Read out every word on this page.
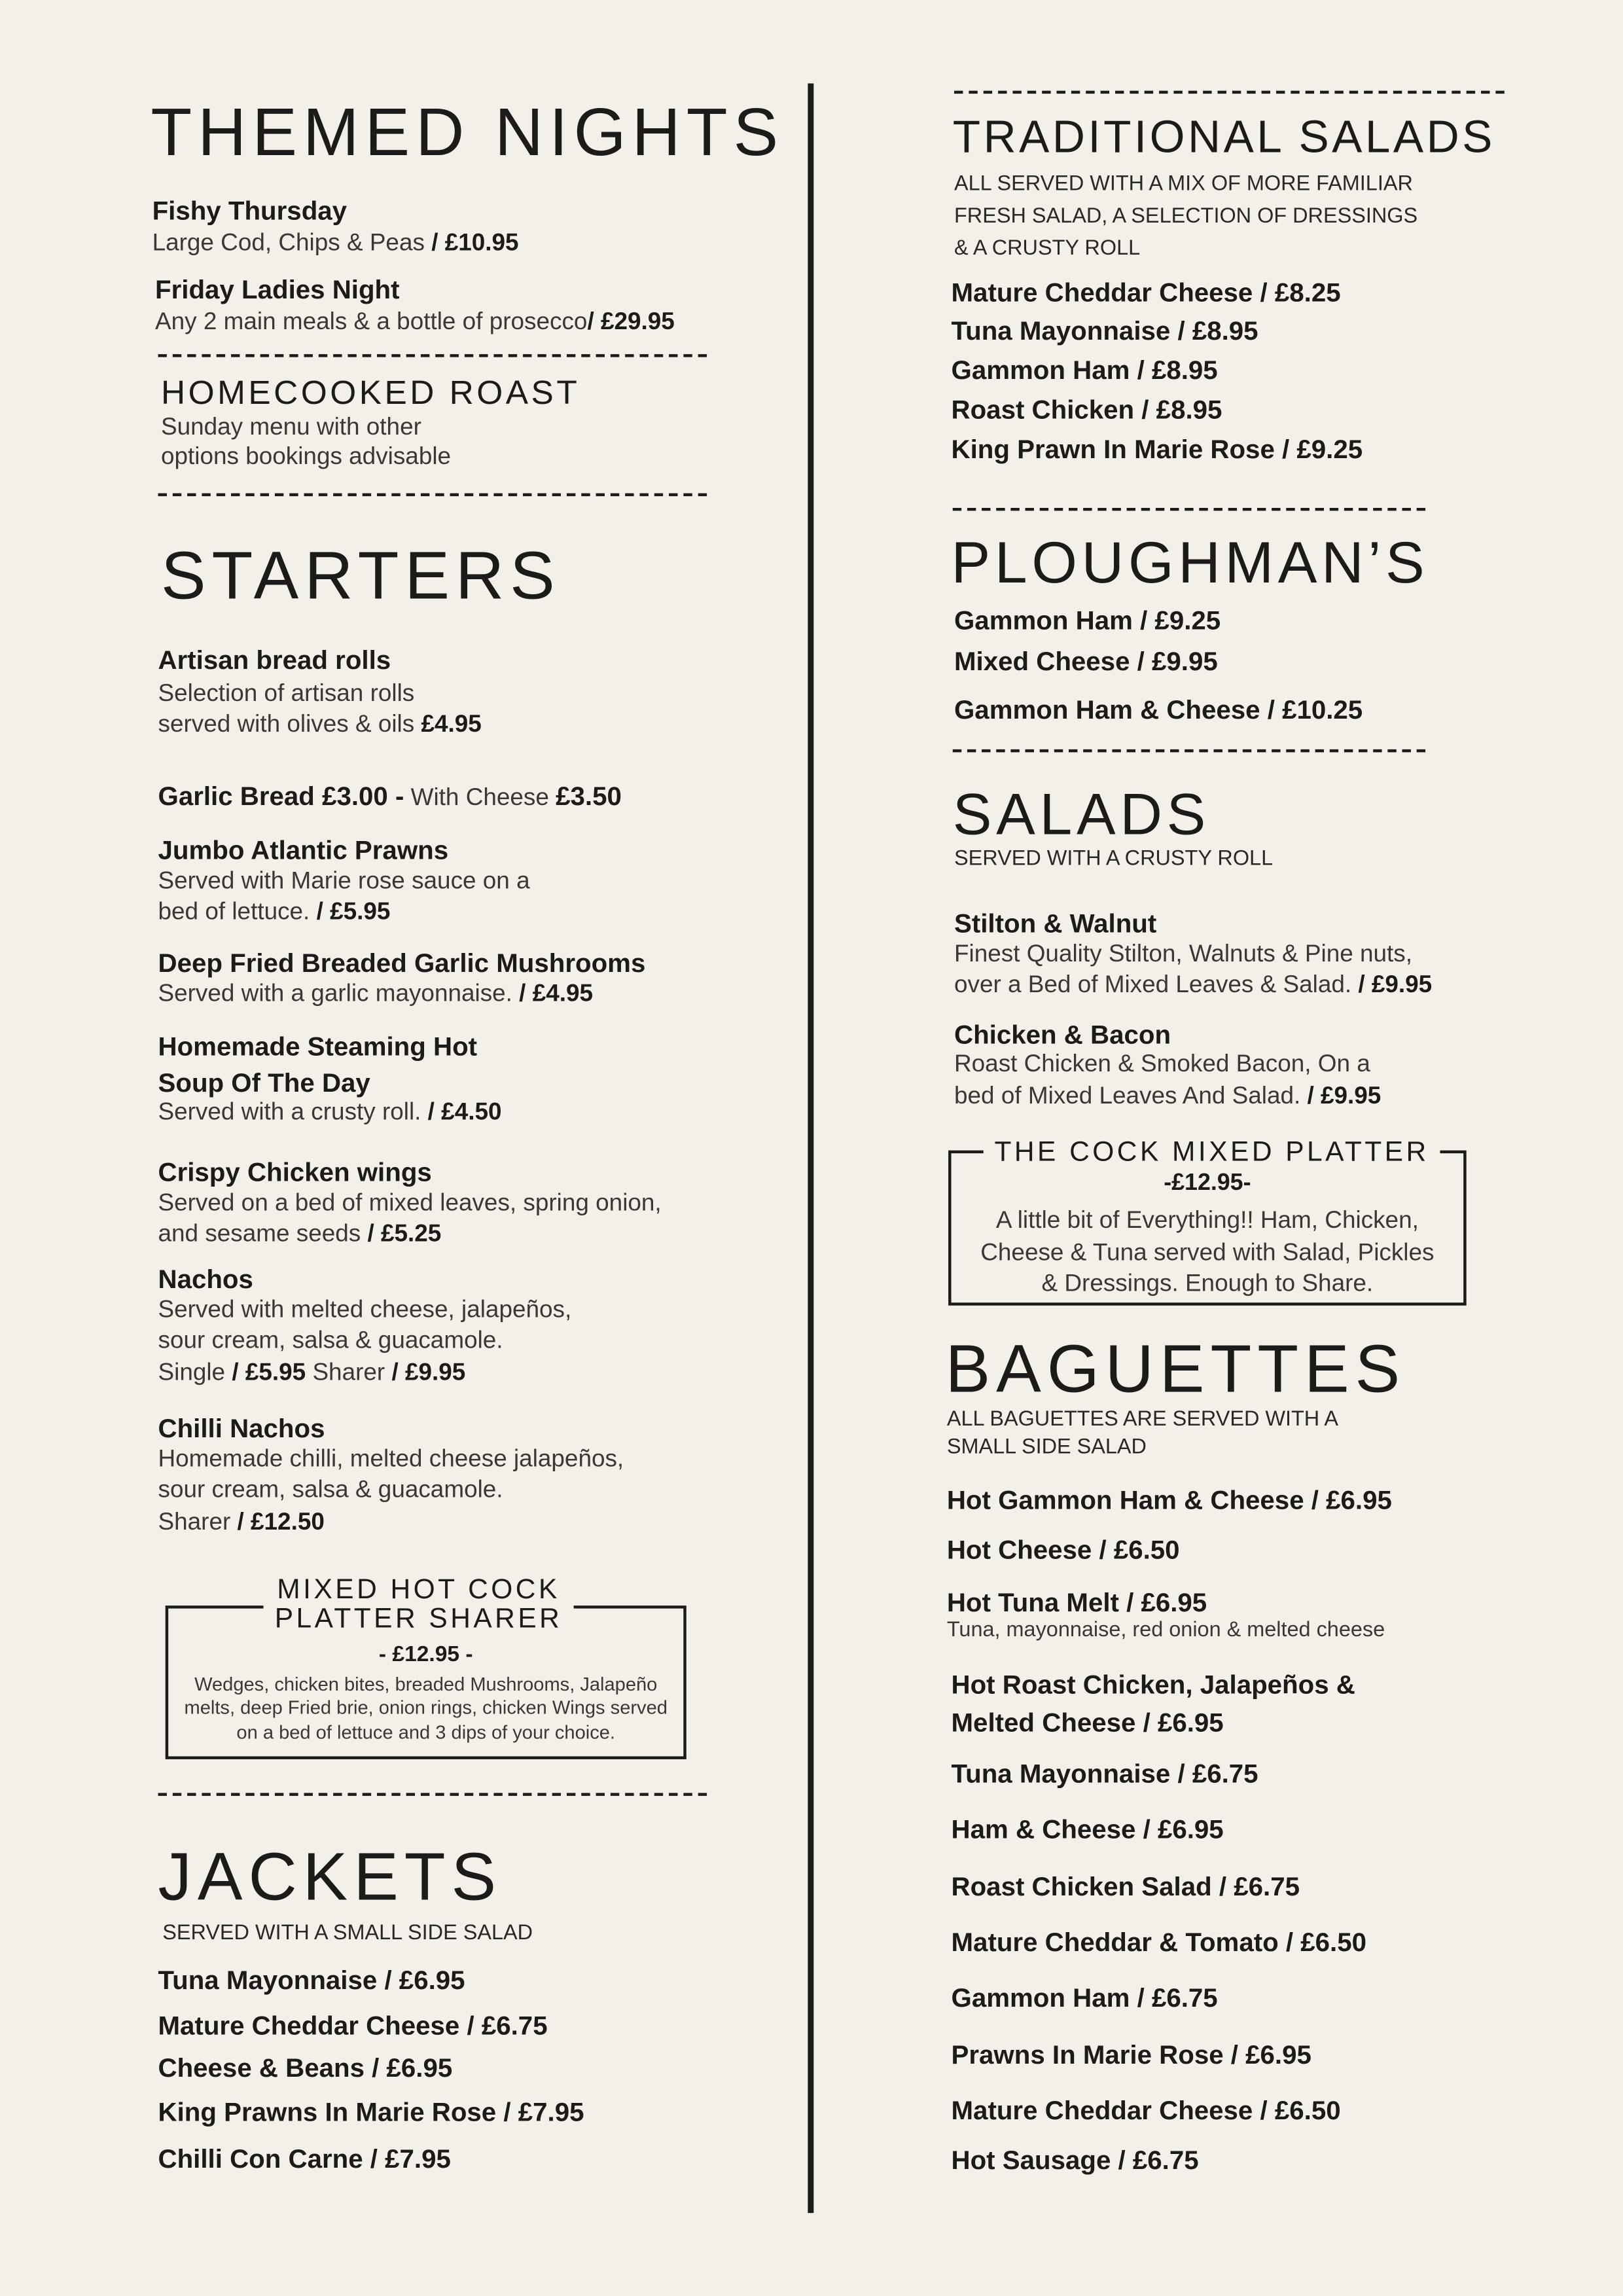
THEMED NIGHTS
Fishy Thursday
Large Cod, Chips & Peas / £10.95
Friday Ladies Night
Any 2 main meals & a bottle of prosecco/ £29.95
HOMECOOKED ROAST
Sunday menu with other
options bookings advisable
STARTERS
Artisan bread rolls
Selection of artisan rolls
served with olives & oils £4.95
Garlic Bread £3.00 - With Cheese £3.50
Jumbo Atlantic Prawns
Served with Marie rose sauce on a
bed of lettuce. / £5.95
Deep Fried Breaded Garlic Mushrooms
Served with a garlic mayonnaise. / £4.95
Homemade Steaming Hot
Soup Of The Day
Served with a crusty roll. / £4.50
Crispy Chicken wings
Served on a bed of mixed leaves, spring onion,
and sesame seeds / £5.25
Nachos
Served with melted cheese, jalapeños,
sour cream, salsa & guacamole.
Single / £5.95 Sharer / £9.95
Chilli Nachos
Homemade chilli, melted cheese jalapeños,
sour cream, salsa & guacamole.
Sharer / £12.50
MIXED HOT COCK
PLATTER SHARER
- £12.95 -
Wedges, chicken bites, breaded Mushrooms, Jalapeño
melts, deep Fried brie, onion rings, chicken Wings served
on a bed of lettuce and 3 dips of your choice.
JACKETS
SERVED WITH A SMALL SIDE SALAD
Tuna Mayonnaise / £6.95
Mature Cheddar Cheese / £6.75
Cheese & Beans / £6.95
King Prawns In Marie Rose / £7.95
Chilli Con Carne / £7.95
TRADITIONAL SALADS
ALL SERVED WITH A MIX OF MORE FAMILIAR
FRESH SALAD, A SELECTION OF DRESSINGS
& A CRUSTY ROLL
Mature Cheddar Cheese / £8.25
Tuna Mayonnaise / £8.95
Gammon Ham / £8.95
Roast Chicken / £8.95
King Prawn In Marie Rose / £9.25
PLOUGHMAN’S
Gammon Ham / £9.25
Mixed Cheese / £9.95
Gammon Ham & Cheese / £10.25
SALADS
SERVED WITH A CRUSTY ROLL
Stilton & Walnut
Finest Quality Stilton, Walnuts & Pine nuts,
over a Bed of Mixed Leaves & Salad. / £9.95
Chicken & Bacon
Roast Chicken & Smoked Bacon, On a
bed of Mixed Leaves And Salad. / £9.95
THE COCK MIXED PLATTER
-£12.95-
A little bit of Everything!! Ham, Chicken,
Cheese & Tuna served with Salad, Pickles
& Dressings. Enough to Share.
BAGUETTES
ALL BAGUETTES ARE SERVED WITH A
SMALL SIDE SALAD
Hot Gammon Ham & Cheese / £6.95
Hot Cheese / £6.50
Hot Tuna Melt / £6.95
Tuna, mayonnaise, red onion & melted cheese
Hot Roast Chicken, Jalapeños &
Melted Cheese / £6.95
Tuna Mayonnaise / £6.75
Ham & Cheese / £6.95
Roast Chicken Salad / £6.75
Mature Cheddar & Tomato / £6.50
Gammon Ham / £6.75
Prawns In Marie Rose / £6.95
Mature Cheddar Cheese / £6.50
Hot Sausage / £6.75
